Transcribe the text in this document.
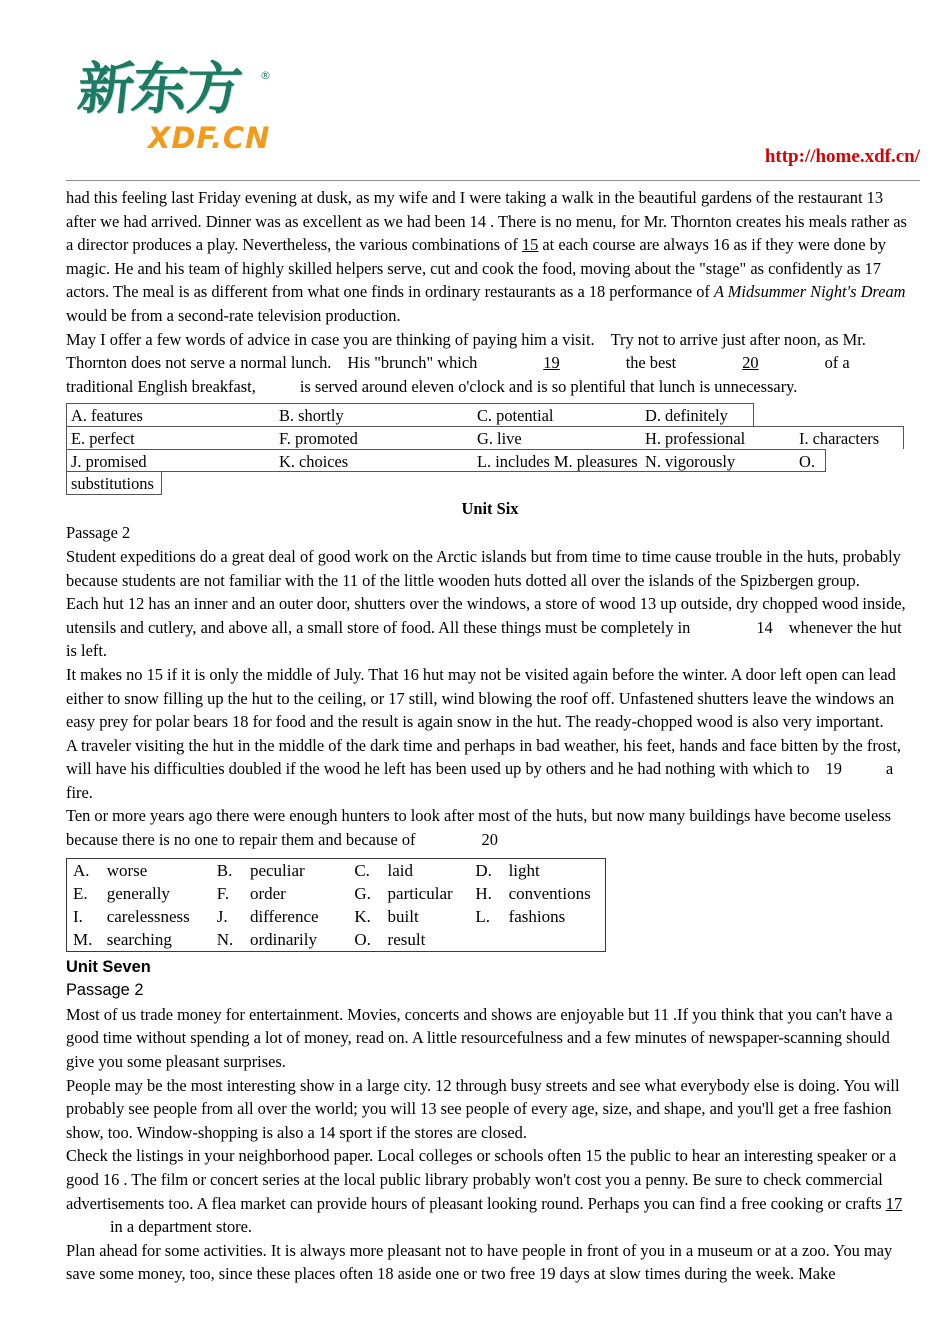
新东方	®
XDF.CN
http://home.xdf.cn/

had this feeling last Friday evening at dusk, as my wife and I were taking a walk in the beautiful gardens of the restaurant 13 after we had arrived. Dinner was as excellent as we had been 14 . There is no menu, for Mr. Thornton creates his meals rather as a director produces a play. Nevertheless, the various combinations of 15 at each course are always 16 as if they were done by magic. He and his team of highly skilled helpers serve, cut and cook the food, moving about the "stage" as confidently as 17 actors. The meal is as different from what one finds in ordinary restaurants as a 18 performance of A Midsummer Night's Dream would be from a second-rate television production.

May I offer a few words of advice in case you are thinking of paying him a visit. Try not to arrive just after noon, as Mr. Thornton does not serve a normal lunch. His "brunch" which	19	the best	20	of a traditional English breakfast,	is served around eleven o'clock and is so plentiful that lunch is unnecessary.

A. features	B. shortly	C. potential	D. definitely
E. perfect	F. promoted	G. live	H. professional	I. characters
J. promised	K. choices	L. includes M. pleasures N. vigorously	O.
substitutions

Unit Six

Passage 2

Student expeditions do a great deal of good work on the Arctic islands but from time to time cause trouble in the huts, probably because students are not familiar with the 11 of the little wooden huts dotted all over the islands of the Spizbergen group.

Each hut 12 has an inner and an outer door, shutters over the windows, a store of wood 13 up outside, dry chopped wood inside, utensils and cutlery, and above all, a small store of food. All these things must be completely in	14 whenever the hut is left.

It makes no 15 if it is only the middle of July. That 16 hut may not be visited again before the winter. A door left open can lead either to snow filling up the hut to the ceiling, or 17 still, wind blowing the roof off. Unfastened shutters leave the windows an easy prey for polar bears 18 for food and the result is again snow in the hut. The ready-chopped wood is also very important.

A traveler visiting the hut in the middle of the dark time and perhaps in bad weather, his feet, hands and face bitten by the frost, will have his difficulties doubled if the wood he left has been used up by others and he had nothing with which to 19	a fire.

Ten or more years ago there were enough hunters to look after most of the huts, but now many buildings have become useless because there is no one to repair them and because of	20

A.	worse	B.	peculiar	C.	laid	D.	light
E.	generally	F.	order	G.	particular	H.	conventions
I.	carelessness	J.	difference	K.	built	L.	fashions
M.	searching	N.	ordinarily	O.	result		

Unit Seven

Passage 2

Most of us trade money for entertainment. Movies, concerts and shows are enjoyable but 11 .If you think that you can't have a good time without spending a lot of money, read on. A little resourcefulness and a few minutes of newspaper-scanning should give you some pleasant surprises.

People may be the most interesting show in a large city. 12 through busy streets and see what everybody else is doing. You will probably see people from all over the world; you will 13 see people of every age, size, and shape, and you'll get a free fashion show, too. Window-shopping is also a 14 sport if the stores are closed.

Check the listings in your neighborhood paper. Local colleges or schools often 15 the public to hear an interesting speaker or a good 16 . The film or concert series at the local public library probably won't cost you a penny. Be sure to check commercial advertisements too. A flea market can provide hours of pleasant looking round. Perhaps you can find a free cooking or crafts 17in a department store.

Plan ahead for some activities. It is always more pleasant not to have people in front of you in a museum or at a zoo. You may save some money, too, since these places often 18 aside one or two free 19 days at slow times during the week. Make
